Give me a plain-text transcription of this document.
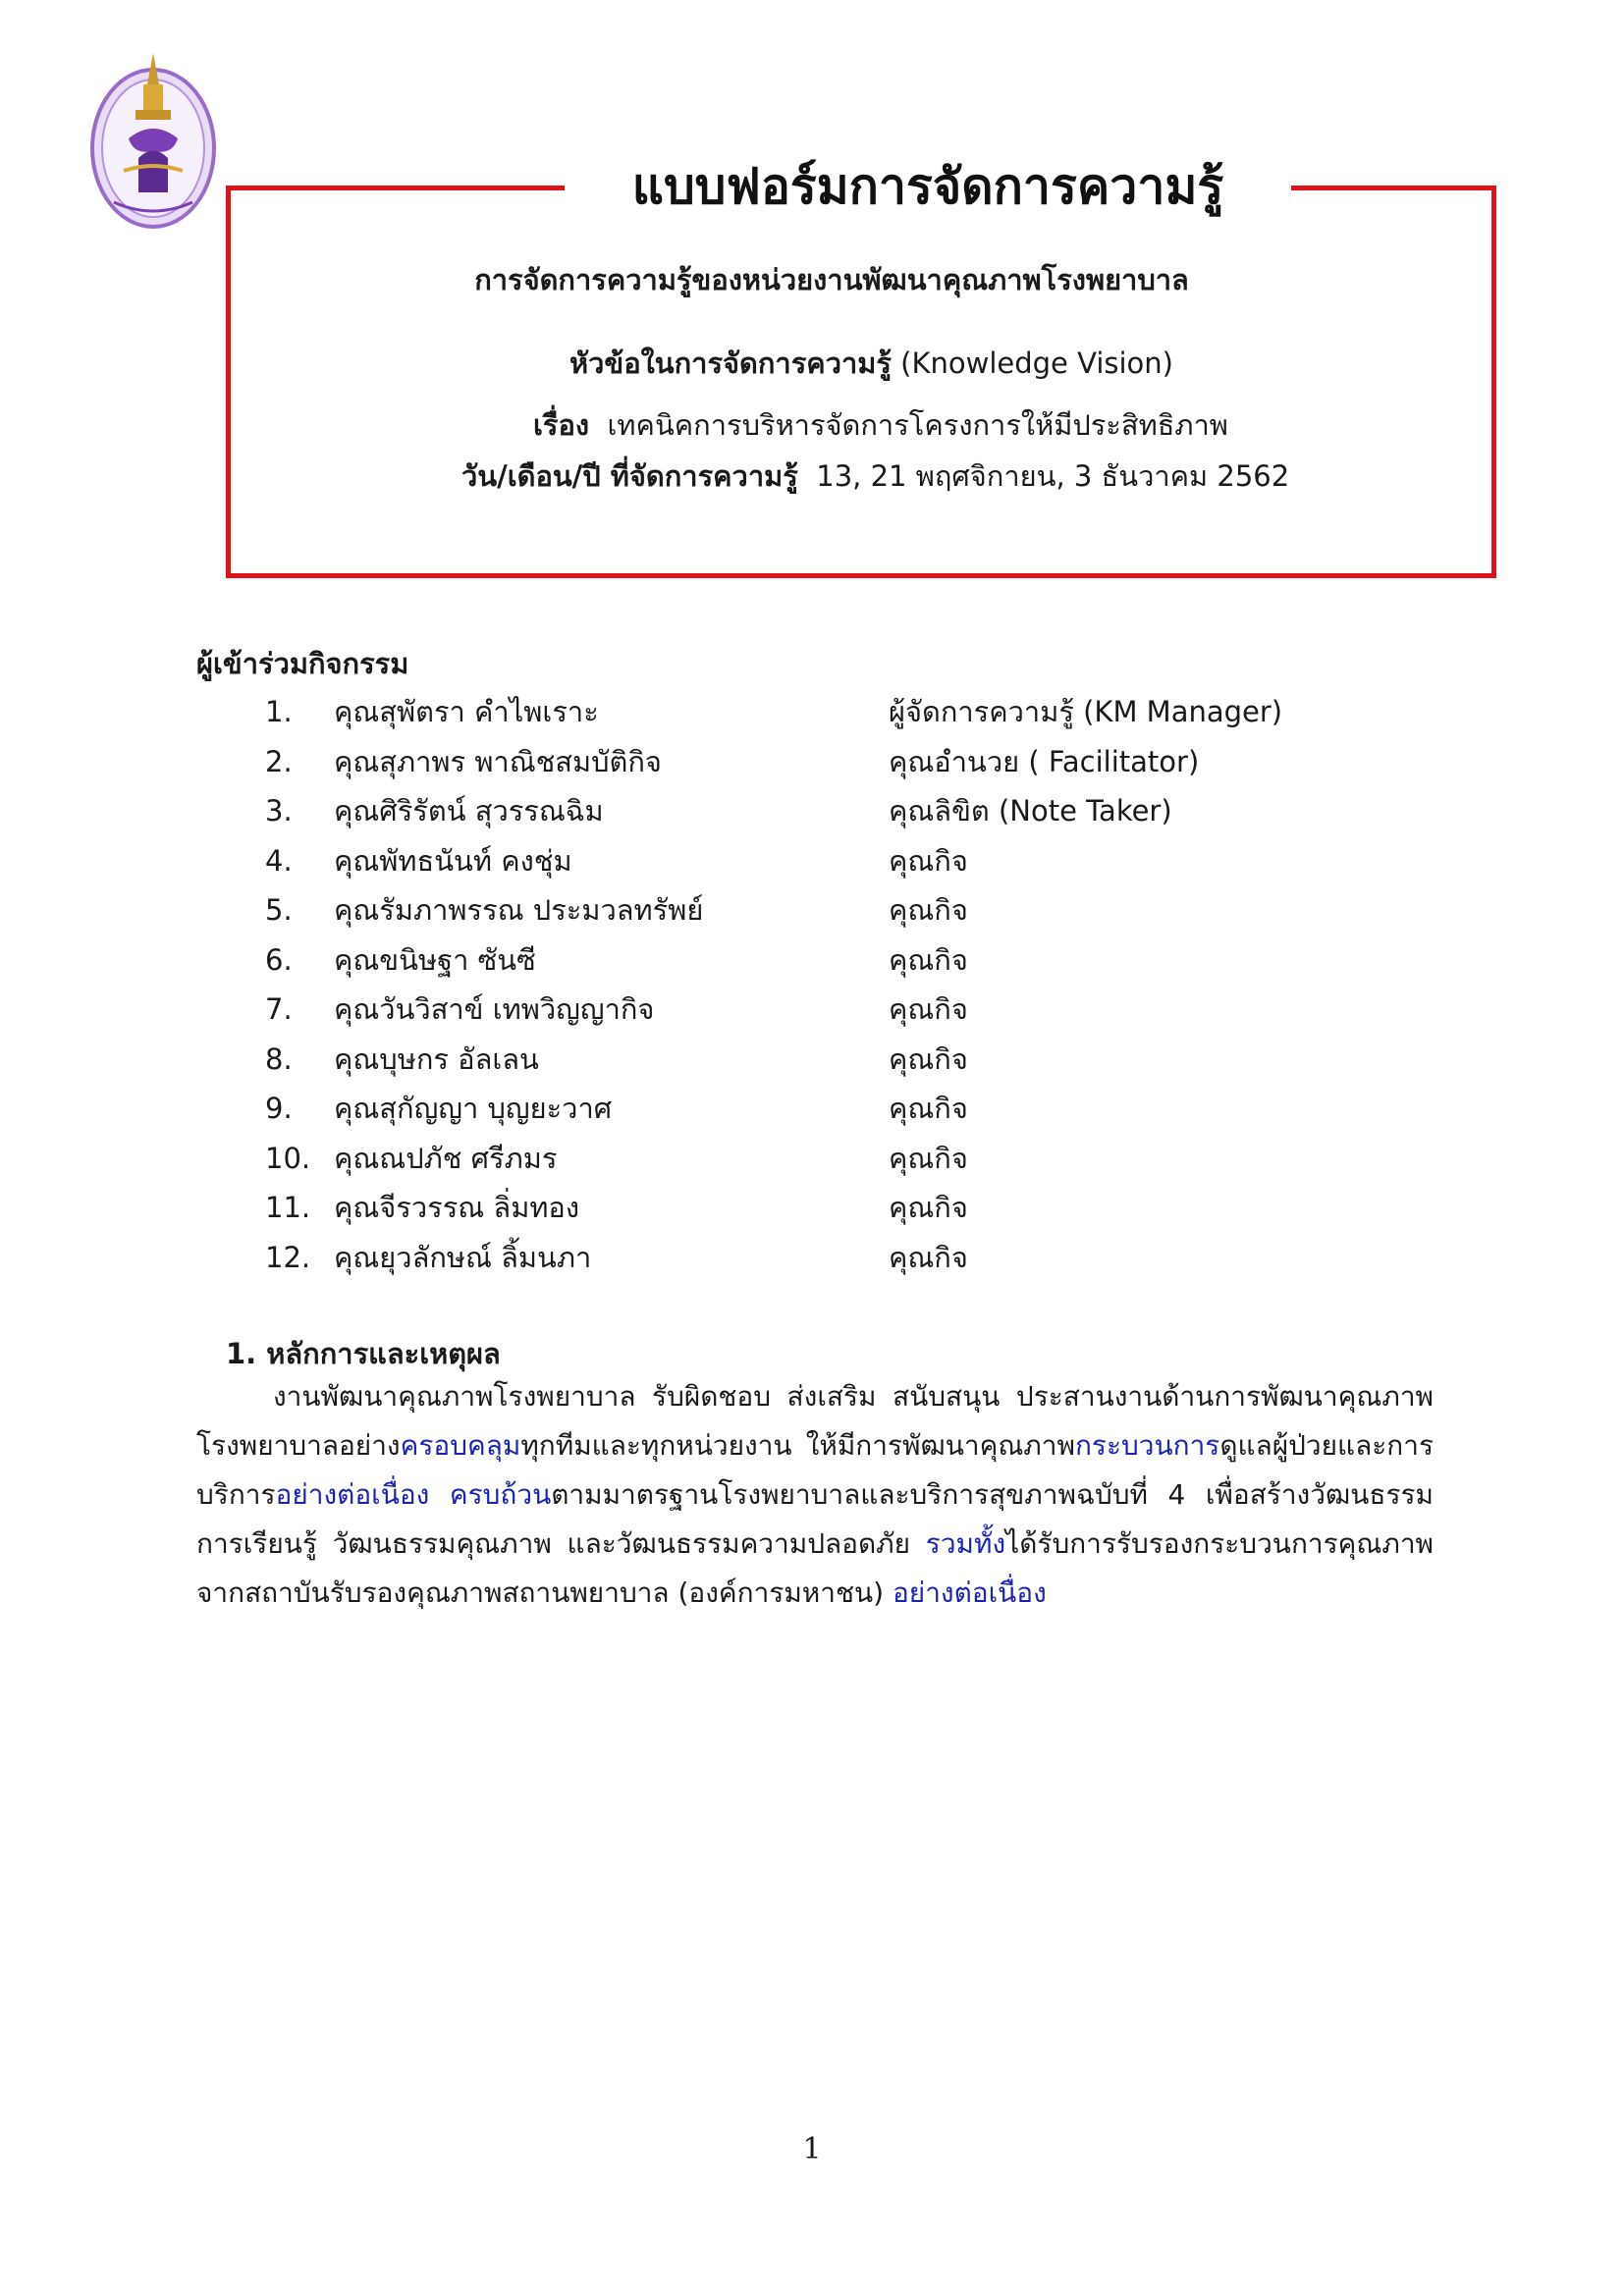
แบบฟอร์มการจัดการความรู้
การจัดการความรู้ของหน่วยงานพัฒนาคุณภาพโรงพยาบาล
หัวข้อในการจัดการความรู้ (Knowledge Vision)
เรื่อง เทคนิคการบริหารจัดการโครงการให้มีประสิทธิภาพ
วัน/เดือน/ปี ที่จัดการความรู้ 13, 21 พฤศจิกายน, 3 ธันวาคม 2562
ผู้เข้าร่วมกิจกรรม
1.	คุณสุพัตรา คำไพเราะ	ผู้จัดการความรู้ (KM Manager)
2.	คุณสุภาพร พาณิชสมบัติกิจ	คุณอำนวย ( Facilitator)
3.	คุณศิริรัตน์ สุวรรณฉิม	คุณลิขิต (Note Taker)
4.	คุณพัทธนันท์ คงชุ่ม	คุณกิจ
5.	คุณรัมภาพรรณ ประมวลทรัพย์	คุณกิจ
6.	คุณขนิษฐา ซันซี	คุณกิจ
7.	คุณวันวิสาข์ เทพวิญญากิจ	คุณกิจ
8.	คุณบุษกร อัลเลน	คุณกิจ
9.	คุณสุกัญญา บุญยะวาศ	คุณกิจ
10. คุณณปภัช ศรีภมร	คุณกิจ
11. คุณจีรวรรณ ลิ่มทอง	คุณกิจ
12. คุณยุวลักษณ์ ลิ้มนภา	คุณกิจ
1. หลักการและเหตุผล
งานพัฒนาคุณภาพโรงพยาบาล รับผิดชอบ ส่งเสริม สนับสนุน ประสานงานด้านการพัฒนาคุณภาพโรงพยาบาลอย่างครอบคลุมทุกทีมและทุกหน่วยงาน ให้มีการพัฒนาคุณภาพกระบวนการดูแลผู้ป่วยและการบริการอย่างต่อเนื่อง ครบถ้วนตามมาตรฐานโรงพยาบาลและบริการสุขภาพฉบับที่ 4 เพื่อสร้างวัฒนธรรมการเรียนรู้ วัฒนธรรมคุณภาพ และวัฒนธรรมความปลอดภัย รวมทั้งได้รับการรับรองกระบวนการคุณภาพจากสถาบันรับรองคุณภาพสถานพยาบาล (องค์การมหาชน) อย่างต่อเนื่อง
1
